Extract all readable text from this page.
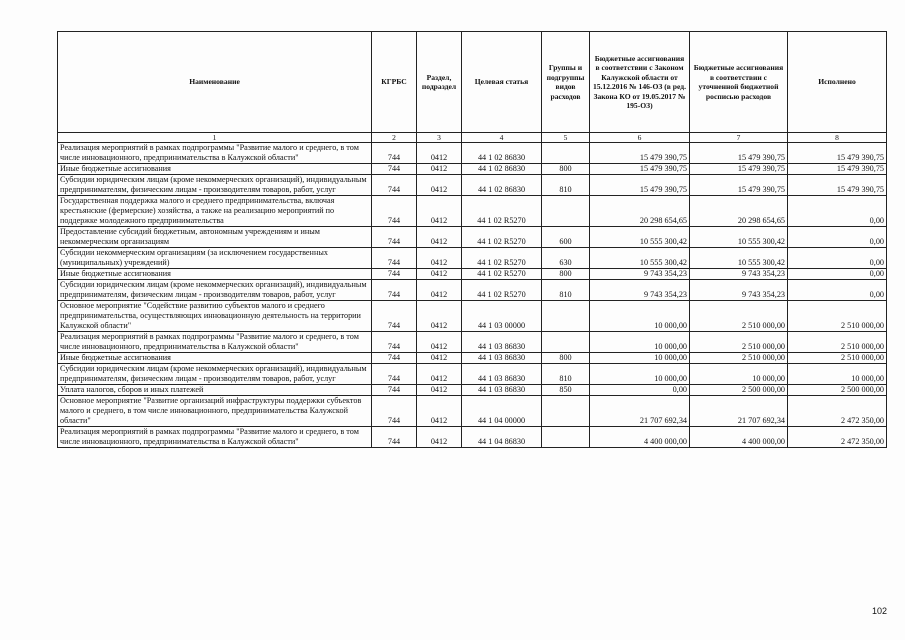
Наименование	КГРБС	Раздел, подраздел	Целевая статья	Группы и подгруппы видов расходов	Бюджетные ассигнования в соответствии с Законом Калужской области от 15.12.2016 № 146-ОЗ (в ред. Закона КО от 19.05.2017 № 195-ОЗ)	Бюджетные ассигнования в соответствии с уточненной бюджетной росписью расходов	Исполнено
1	2	3	4	5	6	7	8
Реализация мероприятий в рамках подпрограммы "Развитие малого и среднего, в том числе инновационного, предпринимательства в Калужской области"	744	0412	44 1 02 86830		15 479 390,75	15 479 390,75	15 479 390,75
Иные бюджетные ассигнования	744	0412	44 1 02 86830	800	15 479 390,75	15 479 390,75	15 479 390,75
Субсидии юридическим лицам (кроме некоммерческих организаций), индивидуальным предпринимателям, физическим лицам - производителям товаров, работ, услуг	744	0412	44 1 02 86830	810	15 479 390,75	15 479 390,75	15 479 390,75
Государственная поддержка малого и среднего предпринимательства, включая крестьянские (фермерские) хозяйства, а также на реализацию мероприятий по поддержке молодежного предпринимательства	744	0412	44 1 02 R5270		20 298 654,65	20 298 654,65	0,00
Предоставление субсидий бюджетным, автономным учреждениям и иным некоммерческим организациям	744	0412	44 1 02 R5270	600	10 555 300,42	10 555 300,42	0,00
Субсидии некоммерческим организациям (за исключением государственных (муниципальных) учреждений)	744	0412	44 1 02 R5270	630	10 555 300,42	10 555 300,42	0,00
Иные бюджетные ассигнования	744	0412	44 1 02 R5270	800	9 743 354,23	9 743 354,23	0,00
Субсидии юридическим лицам (кроме некоммерческих организаций), индивидуальным предпринимателям, физическим лицам - производителям товаров, работ, услуг	744	0412	44 1 02 R5270	810	9 743 354,23	9 743 354,23	0,00
Основное мероприятие "Содействие развитию субъектов малого и среднего предпринимательства, осуществляющих инновационную деятельность на территории Калужской области"	744	0412	44 1 03 00000		10 000,00	2 510 000,00	2 510 000,00
Реализация мероприятий в рамках подпрограммы "Развитие малого и среднего, в том числе инновационного, предпринимательства в Калужской области"	744	0412	44 1 03 86830		10 000,00	2 510 000,00	2 510 000,00
Иные бюджетные ассигнования	744	0412	44 1 03 86830	800	10 000,00	2 510 000,00	2 510 000,00
Субсидии юридическим лицам (кроме некоммерческих организаций), индивидуальным предпринимателям, физическим лицам - производителям товаров, работ, услуг	744	0412	44 1 03 86830	810	10 000,00	10 000,00	10 000,00
Уплата налогов, сборов и иных платежей	744	0412	44 1 03 86830	850	0,00	2 500 000,00	2 500 000,00
Основное мероприятие "Развитие организаций инфраструктуры поддержки субъектов малого и среднего, в том числе инновационного, предпринимательства Калужской области"	744	0412	44 1 04 00000		21 707 692,34	21 707 692,34	2 472 350,00
Реализация мероприятий в рамках подпрограммы "Развитие малого и среднего, в том числе инновационного, предпринимательства в Калужской области"	744	0412	44 1 04 86830		4 400 000,00	4 400 000,00	2 472 350,00
102
